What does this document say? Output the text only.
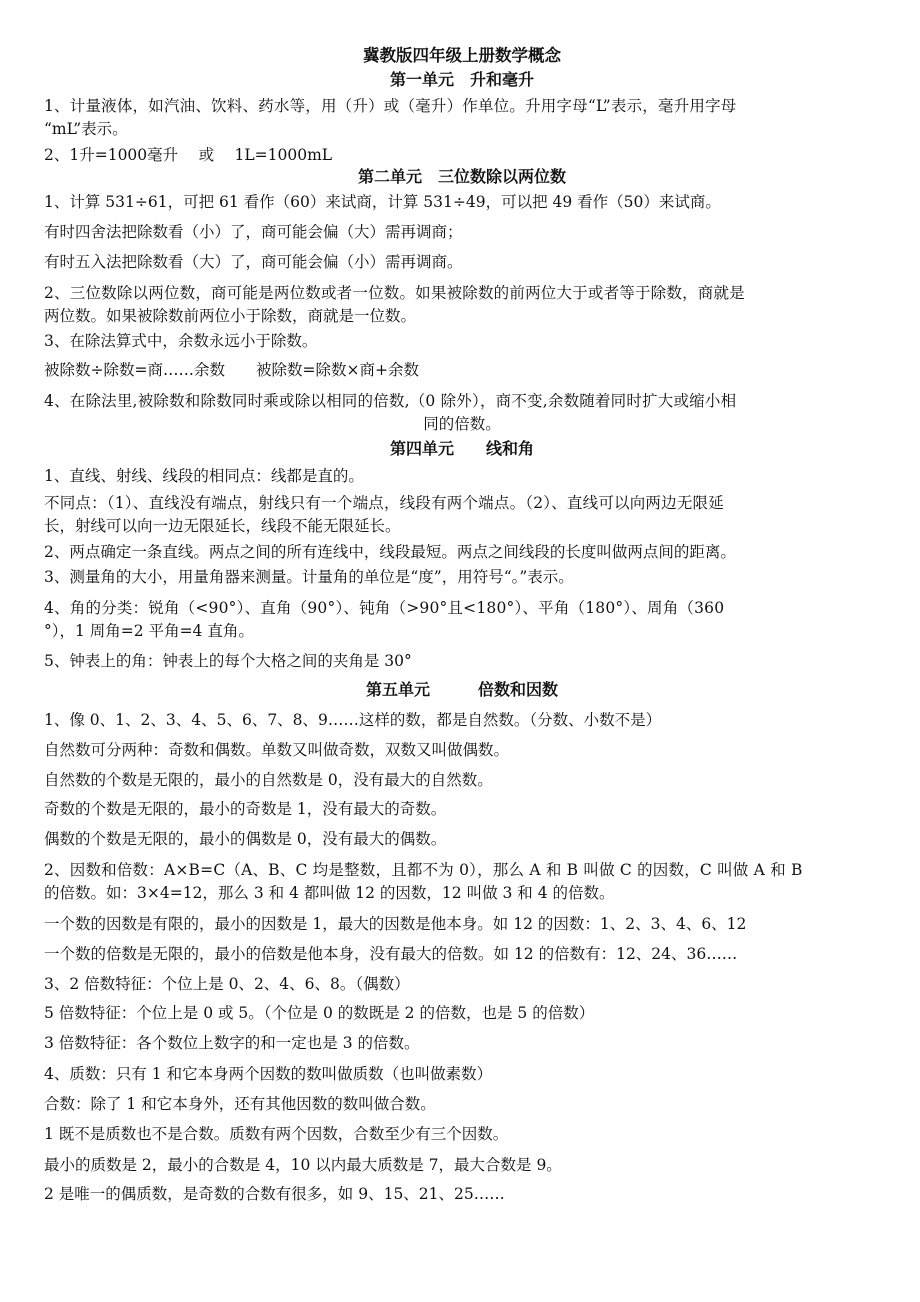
冀教版四年级上册数学概念
第一单元　升和毫升
1、计量液体，如汽油、饮料、药水等，用（升）或（毫升）作单位。升用字母“L”表示，毫升用字母
“mL”表示。
2、1升=1000毫升　 或　 1L=1000mL
第二单元　三位数除以两位数
1、计算 531÷61，可把 61 看作（60）来试商，计算 531÷49，可以把 49 看作（50）来试商。
有时四舍法把除数看（小）了，商可能会偏（大）需再调商；
有时五入法把除数看（大）了，商可能会偏（小）需再调商。
2、三位数除以两位数，商可能是两位数或者一位数。如果被除数的前两位大于或者等于除数，商就是
两位数。如果被除数前两位小于除数，商就是一位数。
3、在除法算式中，余数永远小于除数。
被除数÷除数=商……余数　　被除数=除数×商+余数
4、在除法里,被除数和除数同时乘或除以相同的倍数,（0 除外），商不变,余数随着同时扩大或缩小相
同的倍数。
第四单元　　线和角
1、直线、射线、线段的相同点：线都是直的。
不同点：（1）、直线没有端点，射线只有一个端点，线段有两个端点。（2）、直线可以向两边无限延
长，射线可以向一边无限延长，线段不能无限延长。
2、两点确定一条直线。两点之间的所有连线中，线段最短。两点之间线段的长度叫做两点间的距离。
3、测量角的大小，用量角器来测量。计量角的单位是“度”，用符号“。”表示。
4、角的分类：锐角（<90°）、直角（90°）、钝角（>90°且<180°）、平角（180°）、周角（360
°），1 周角=2 平角=4 直角。
5、钟表上的角：钟表上的每个大格之间的夹角是 30°
第五单元　　　倍数和因数
1、像 0、1、2、3、4、5、6、7、8、9……这样的数，都是自然数。（分数、小数不是）
自然数可分两种：奇数和偶数。单数又叫做奇数，双数又叫做偶数。
自然数的个数是无限的，最小的自然数是 0，没有最大的自然数。
奇数的个数是无限的，最小的奇数是 1，没有最大的奇数。
偶数的个数是无限的，最小的偶数是 0，没有最大的偶数。
2、因数和倍数：A×B=C（A、B、C 均是整数，且都不为 0），那么 A 和 B 叫做 C 的因数，C 叫做 A 和 B
的倍数。如：3×4=12，那么 3 和 4 都叫做 12 的因数，12 叫做 3 和 4 的倍数。
一个数的因数是有限的，最小的因数是 1，最大的因数是他本身。如 12 的因数：1、2、3、4、6、12
一个数的倍数是无限的，最小的倍数是他本身，没有最大的倍数。如 12 的倍数有：12、24、36……
3、2 倍数特征：个位上是 0、2、4、6、8。（偶数）
5 倍数特征：个位上是 0 或 5。（个位是 0 的数既是 2 的倍数，也是 5 的倍数）
3 倍数特征：各个数位上数字的和一定也是 3 的倍数。
4、质数：只有 1 和它本身两个因数的数叫做质数（也叫做素数）
合数：除了 1 和它本身外，还有其他因数的数叫做合数。
1 既不是质数也不是合数。质数有两个因数，合数至少有三个因数。
最小的质数是 2，最小的合数是 4，10 以内最大质数是 7，最大合数是 9。
2 是唯一的偶质数，是奇数的合数有很多，如 9、15、21、25……
